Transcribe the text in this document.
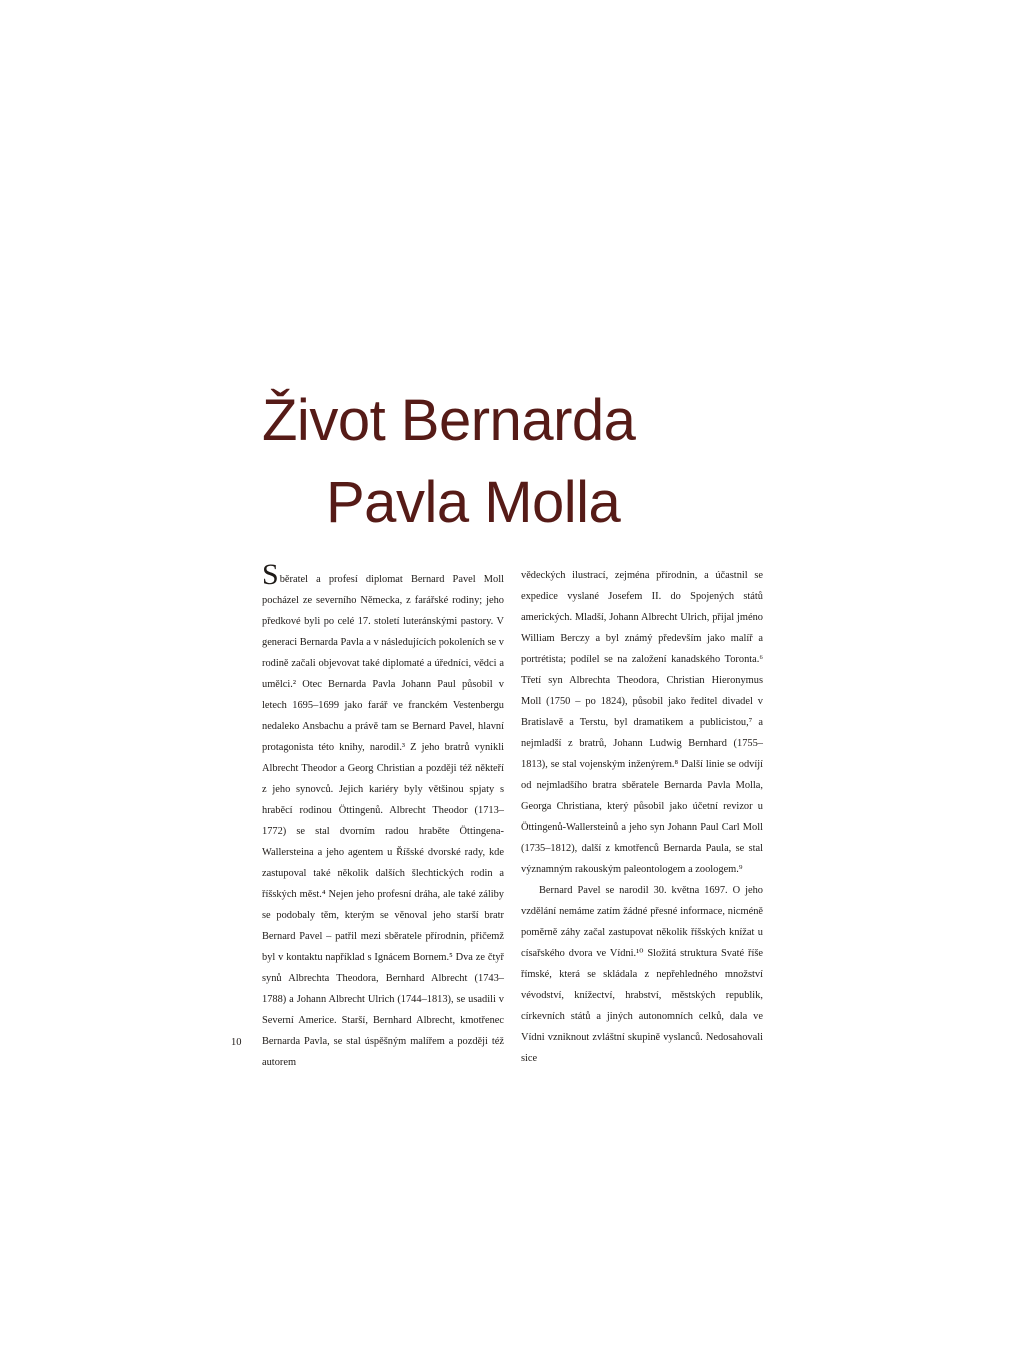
Život Bernarda
Pavla Molla

Sběratel a profesí diplomat Bernard Pavel Moll pocházel ze severního Německa, z farářské rodiny; jeho předkové byli po celé 17. století luteránskými pastory. V generaci Bernarda Pavla a v následujících pokoleních se v rodině začali objevovat také diplomaté a úředníci, vědci a umělci.² Otec Bernarda Pavla Johann Paul působil v letech 1695–1699 jako farář ve franckém Vestenbergu nedaleko Ansbachu a právě tam se Bernard Pavel, hlavní protagonista této knihy, narodil.³ Z jeho bratrů vynikli Albrecht Theodor a Georg Christian a později též někteří z jeho synovců. Jejich kariéry byly většinou spjaty s hraběcí rodinou Öttingenů. Albrecht Theodor (1713–1772) se stal dvorním radou hraběte Öttingena-Wallersteina a jeho agentem u Říšské dvorské rady, kde zastupoval také několik dalších šlechtických rodin a říšských měst.⁴ Nejen jeho profesní dráha, ale také záliby se podobaly těm, kterým se věnoval jeho starší bratr Bernard Pavel – patřil mezi sběratele přírodnin, přičemž byl v kontaktu například s Ignácem Bornem.⁵ Dva ze čtyř synů Albrechta Theodora, Bernhard Albrecht (1743–1788) a Johann Albrecht Ulrich (1744–1813), se usadili v Severní Americe. Starší, Bernhard Albrecht, kmotřenec Bernarda Pavla, se stal úspěšným malířem a později též autorem

vědeckých ilustrací, zejména přírodnin, a účastnil se expedice vyslané Josefem II. do Spojených států amerických. Mladší, Johann Albrecht Ulrich, přijal jméno William Berczy a byl známý především jako malíř a portrétista; podílel se na založení kanadského Toronta.⁶ Třetí syn Albrechta Theodora, Christian Hieronymus Moll (1750 – po 1824), působil jako ředitel divadel v Bratislavě a Terstu, byl dramatikem a publicistou,⁷ a nejmladší z bratrů, Johann Ludwig Bernhard (1755–1813), se stal vojenským inženýrem.⁸ Další linie se odvíjí od nejmladšího bratra sběratele Bernarda Pavla Molla, Georga Christiana, který působil jako účetní revizor u Öttingenů-Wallersteinů a jeho syn Johann Paul Carl Moll (1735–1812), další z kmotřenců Bernarda Paula, se stal významným rakouským paleontologem a zoologem.⁹

Bernard Pavel se narodil 30. května 1697. O jeho vzdělání nemáme zatím žádné přesné informace, nicméně poměrně záhy začal zastupovat několik říšských knížat u císařského dvora ve Vídni.¹⁰ Složitá struktura Svaté říše římské, která se skládala z nepřehledného množství vévodství, knížectví, hrabství, městských republik, církevních států a jiných autonomních celků, dala ve Vídni vzniknout zvláštní skupině vyslanců. Nedosahovali sice

10
